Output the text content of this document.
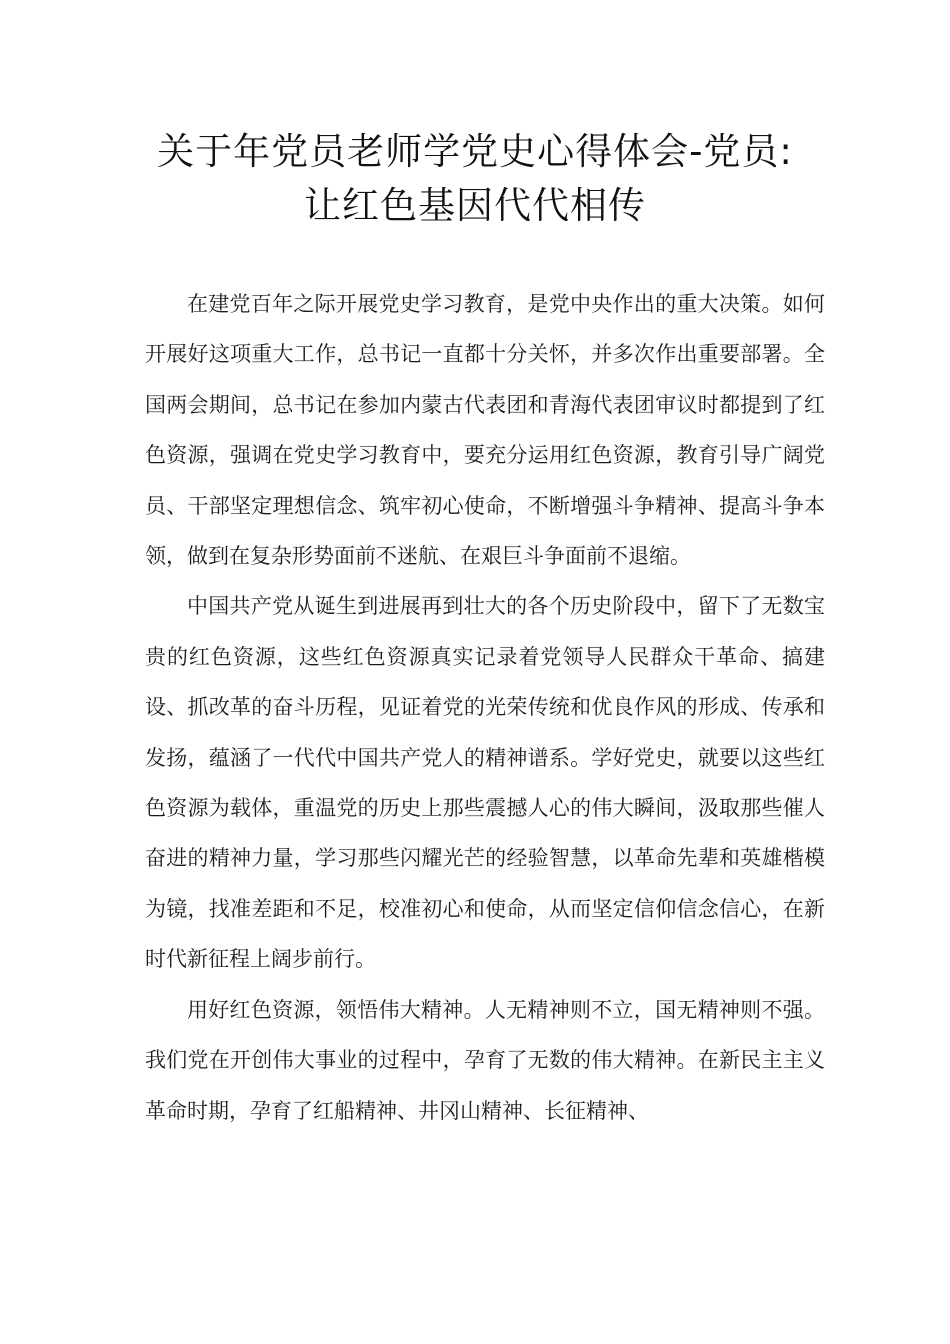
关于年党员老师学党史心得体会-党员:
让红色基因代代相传

在建党百年之际开展党史学习教育，是党中央作出的重大决策。如何开展好这项重大工作，总书记一直都十分关怀，并多次作出重要部署。全国两会期间，总书记在参加内蒙古代表团和青海代表团审议时都提到了红色资源，强调在党史学习教育中，要充分运用红色资源，教育引导广阔党员、干部坚定理想信念、筑牢初心使命，不断增强斗争精神、提高斗争本领，做到在复杂形势面前不迷航、在艰巨斗争面前不退缩。

中国共产党从诞生到进展再到壮大的各个历史阶段中，留下了无数宝贵的红色资源，这些红色资源真实记录着党领导人民群众干革命、搞建设、抓改革的奋斗历程，见证着党的光荣传统和优良作风的形成、传承和发扬，蕴涵了一代代中国共产党人的精神谱系。学好党史，就要以这些红色资源为载体，重温党的历史上那些震撼人心的伟大瞬间，汲取那些催人奋进的精神力量，学习那些闪耀光芒的经验智慧，以革命先辈和英雄楷模为镜，找准差距和不足，校准初心和使命，从而坚定信仰信念信心，在新时代新征程上阔步前行。

用好红色资源，领悟伟大精神。人无精神则不立，国无精神则不强。我们党在开创伟大事业的过程中，孕育了无数的伟大精神。在新民主主义革命时期，孕育了红船精神、井冈山精神、长征精神、
